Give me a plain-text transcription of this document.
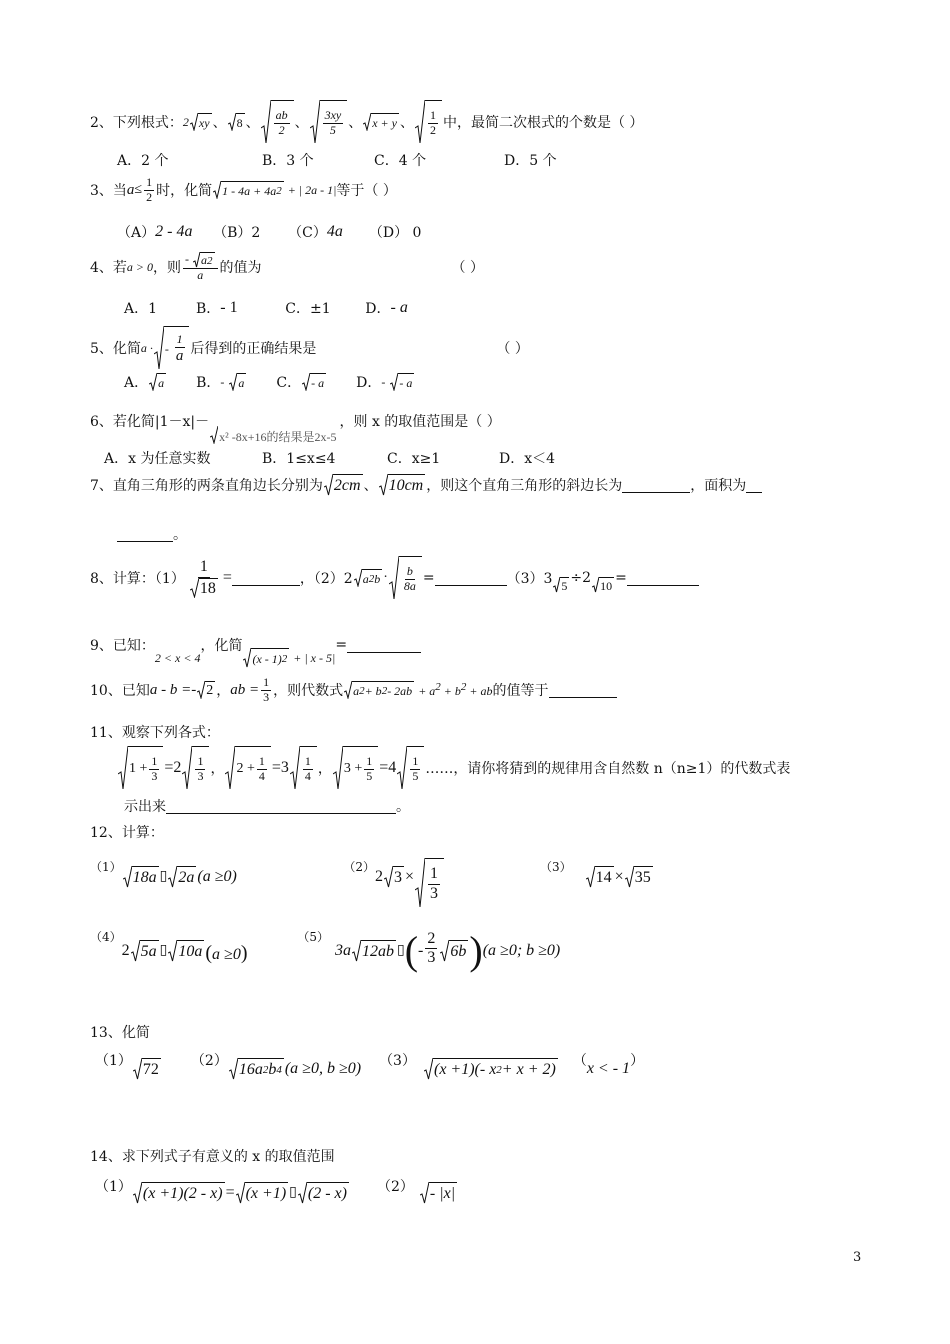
2、下列根式： 2 xy 、 8 、 $\frac{ab}{2}$ 、 $\frac{3xy}{5}$ 、 x + y 、 $\frac{1}{2}$ 中，最简二次根式的个数是（ ）
A．2 个	B．3 个	C．4 个	D．5 个
3、当 $a \le \frac{1}{2}$ 时，化简 1 - 4a + 4a 2 + | 2a - 1| 等于（ ）
（A） 2 - 4a	（B）2	（C） 4a	（D） 0
4、若 a > 0 ，则 $\frac{- a 2}{a}$ 的值为	（ ）
A．1	B． - 1	C．±1	D． - a
5、化简 a · - $\frac{1}{a}$ 后得到的正确结果是	（ ）
A． a B． - a C． - a D． - - a
6、若化简|1－x|－
x² -8x+16的结果是2x-5
，则 x 的取值范围是（ ）
A．x 为任意实数	B．1≤x≤4	C．x≥1	D．x＜4
7、直角三角形的两条直角边长分别为 2cm 、 10cm ，则这个直角三角形的斜边长为	，面积为
。
8、计算：$(1) \frac{1}{18}$ =	，（2）2 a 2 $b \cdot \frac{b}{8a}$ =	（3）3 5 ÷2 10 =
9、已知：
2 < x < 4
，化简
(x - 1) 2 + | x - 5|
=
10、已知 a - b =- 2 ， ab = $\frac{1}{3}$ ，则代数式 a 2 + b $2 - 2ab + a^2 + b^2$ + ab 的值等于
11、观察下列各式：
$1 + \frac{1}{3} =2 \frac{1}{3}$ ， $2 + \frac{1}{4} =3 \frac{1}{4}$ ， $3 + \frac{1}{5} =4 \frac{1}{5}$ ……，请你将猜到的规律用含自然数 n（n≥1）的代数式表
示出来	。
12、计算：
（1）
18a ▯ 2a (a ≥0)
（2）
2 $3 \times \frac{1}{3}$	（3）
14 × 35
（4）
2 5a ▯ 10a (a ≥0)
（5）
3a 12ab ▯ ( - $\frac{2}{3} 6b$ ) (a ≥0; b ≥0)
13、化简
（1） 72 （2） 16a 2 b 4 (a ≥0, b ≥0) （3） (x +1)(- x 2 + x + 2) （ x < - 1 ）
14、求下列式子有意义的 x 的取值范围
（1） (x +1)(2 - x) = (x +1) ▯ (2 - x) （2） - |x|
3
